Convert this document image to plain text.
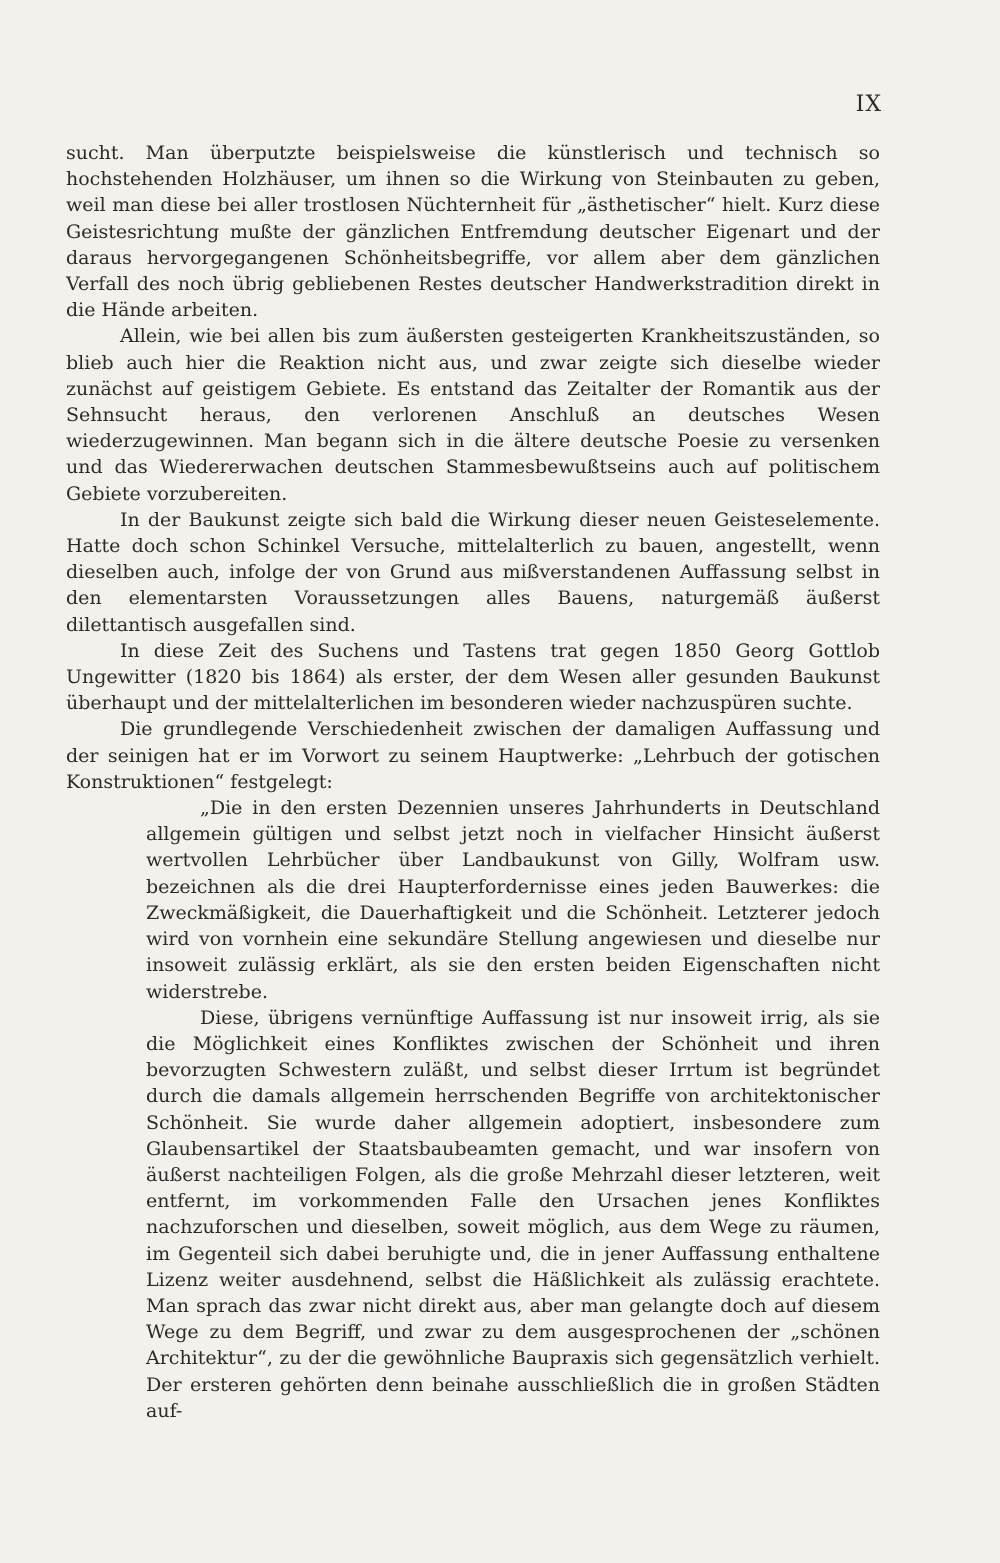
IX

sucht. Man überputzte beispielsweise die künstlerisch und technisch so hochstehenden Holzhäuser, um ihnen so die Wirkung von Steinbauten zu geben, weil man diese bei aller trostlosen Nüchternheit für „ästhetischer“ hielt. Kurz diese Geistesrichtung mußte der gänzlichen Entfremdung deutscher Eigenart und der daraus hervorgegangenen Schönheitsbegriffe, vor allem aber dem gänzlichen Verfall des noch übrig gebliebenen Restes deutscher Handwerkstradition direkt in die Hände arbeiten.

Allein, wie bei allen bis zum äußersten gesteigerten Krankheitszuständen, so blieb auch hier die Reaktion nicht aus, und zwar zeigte sich dieselbe wieder zunächst auf geistigem Gebiete. Es entstand das Zeitalter der Romantik aus der Sehnsucht heraus, den verlorenen Anschluß an deutsches Wesen wiederzugewinnen. Man begann sich in die ältere deutsche Poesie zu versenken und das Wiedererwachen deutschen Stammesbewußtseins auch auf politischem Gebiete vorzubereiten.

In der Baukunst zeigte sich bald die Wirkung dieser neuen Geisteselemente. Hatte doch schon Schinkel Versuche, mittelalterlich zu bauen, angestellt, wenn dieselben auch, infolge der von Grund aus mißverstandenen Auffassung selbst in den elementarsten Voraussetzungen alles Bauens, naturgemäß äußerst dilettantisch ausgefallen sind.

In diese Zeit des Suchens und Tastens trat gegen 1850 Georg Gottlob Ungewitter (1820 bis 1864) als erster, der dem Wesen aller gesunden Baukunst überhaupt und der mittelalterlichen im besonderen wieder nachzuspüren suchte.

Die grundlegende Verschiedenheit zwischen der damaligen Auffassung und der seinigen hat er im Vorwort zu seinem Hauptwerke: „Lehrbuch der gotischen Konstruktionen“ festgelegt:

„Die in den ersten Dezennien unseres Jahrhunderts in Deutschland allgemein gültigen und selbst jetzt noch in vielfacher Hinsicht äußerst wertvollen Lehrbücher über Landbaukunst von Gilly, Wolfram usw. bezeichnen als die drei Haupterfordernisse eines jeden Bauwerkes: die Zweckmäßigkeit, die Dauerhaftigkeit und die Schönheit. Letzterer jedoch wird von vornhein eine sekundäre Stellung angewiesen und dieselbe nur insoweit zulässig erklärt, als sie den ersten beiden Eigenschaften nicht widerstrebe.

Diese, übrigens vernünftige Auffassung ist nur insoweit irrig, als sie die Möglichkeit eines Konfliktes zwischen der Schönheit und ihren bevorzugten Schwestern zuläßt, und selbst dieser Irrtum ist begründet durch die damals allgemein herrschenden Begriffe von architektonischer Schönheit. Sie wurde daher allgemein adoptiert, insbesondere zum Glaubensartikel der Staatsbaubeamten gemacht, und war insofern von äußerst nachteiligen Folgen, als die große Mehrzahl dieser letzteren, weit entfernt, im vorkommenden Falle den Ursachen jenes Konfliktes nachzuforschen und dieselben, soweit möglich, aus dem Wege zu räumen, im Gegenteil sich dabei beruhigte und, die in jener Auffassung enthaltene Lizenz weiter ausdehnend, selbst die Häßlichkeit als zulässig erachtete. Man sprach das zwar nicht direkt aus, aber man gelangte doch auf diesem Wege zu dem Begriff, und zwar zu dem ausgesprochenen der „schönen Architektur“, zu der die gewöhnliche Baupraxis sich gegensätzlich verhielt. Der ersteren gehörten denn beinahe ausschließlich die in großen Städten auf-
